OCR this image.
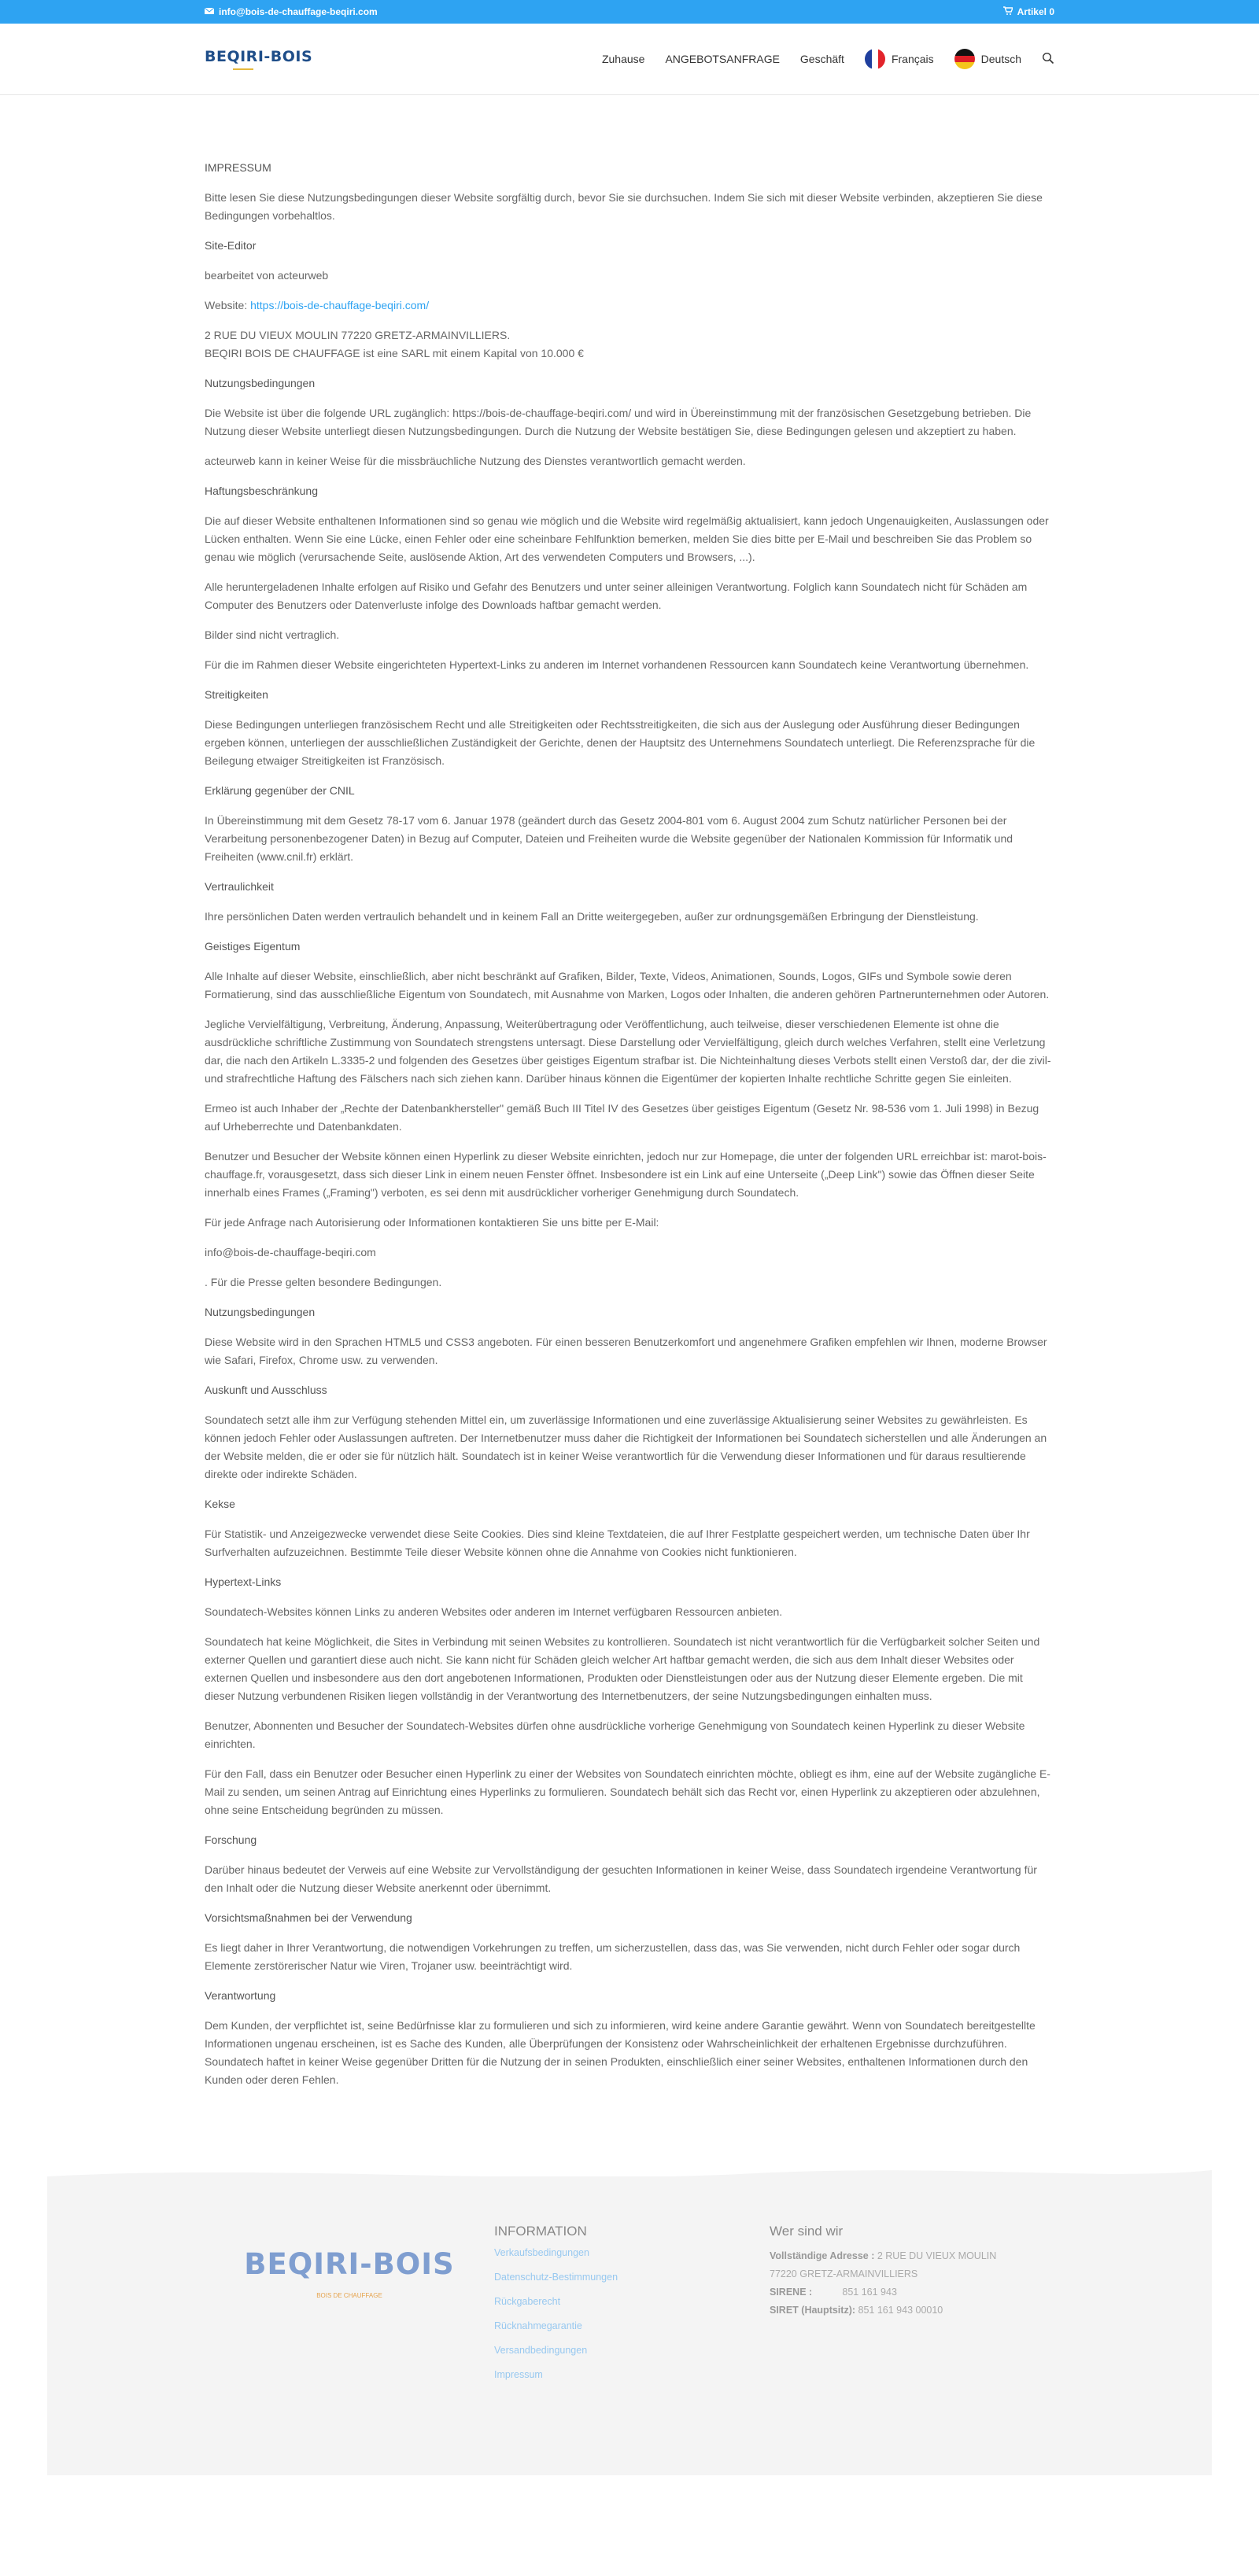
info@bois-de-chauffage-beqiri.com	Artikel 0
BEQIRI-BOIS	Zuhause ANGEBOTSANFRAGE Geschäft	Français	Deutsch

IMPRESSUM

Bitte lesen Sie diese Nutzungsbedingungen dieser Website sorgfältig durch, bevor Sie sie durchsuchen. Indem Sie sich mit dieser Website verbinden, akzeptieren Sie diese Bedingungen vorbehaltlos.

Site-Editor

bearbeitet von acteurweb

Website: https://bois-de-chauffage-beqiri.com/

2 RUE DU VIEUX MOULIN 77220 GRETZ-ARMAINVILLIERS.
BEQIRI BOIS DE CHAUFFAGE ist eine SARL mit einem Kapital von 10.000 €

Nutzungsbedingungen

Die Website ist über die folgende URL zugänglich: https://bois-de-chauffage-beqiri.com/ und wird in Übereinstimmung mit der französischen Gesetzgebung betrieben. Die Nutzung dieser Website unterliegt diesen Nutzungsbedingungen. Durch die Nutzung der Website bestätigen Sie, diese Bedingungen gelesen und akzeptiert zu haben.

acteurweb kann in keiner Weise für die missbräuchliche Nutzung des Dienstes verantwortlich gemacht werden.

Haftungsbeschränkung

Die auf dieser Website enthaltenen Informationen sind so genau wie möglich und die Website wird regelmäßig aktualisiert, kann jedoch Ungenauigkeiten, Auslassungen oder Lücken enthalten. Wenn Sie eine Lücke, einen Fehler oder eine scheinbare Fehlfunktion bemerken, melden Sie dies bitte per E-Mail und beschreiben Sie das Problem so genau wie möglich (verursachende Seite, auslösende Aktion, Art des verwendeten Computers und Browsers, ...).

Alle heruntergeladenen Inhalte erfolgen auf Risiko und Gefahr des Benutzers und unter seiner alleinigen Verantwortung. Folglich kann Soundatech nicht für Schäden am Computer des Benutzers oder Datenverluste infolge des Downloads haftbar gemacht werden.

Bilder sind nicht vertraglich.

Für die im Rahmen dieser Website eingerichteten Hypertext-Links zu anderen im Internet vorhandenen Ressourcen kann Soundatech keine Verantwortung übernehmen.

Streitigkeiten

Diese Bedingungen unterliegen französischem Recht und alle Streitigkeiten oder Rechtsstreitigkeiten, die sich aus der Auslegung oder Ausführung dieser Bedingungen ergeben können, unterliegen der ausschließlichen Zuständigkeit der Gerichte, denen der Hauptsitz des Unternehmens Soundatech unterliegt. Die Referenzsprache für die Beilegung etwaiger Streitigkeiten ist Französisch.

Erklärung gegenüber der CNIL

In Übereinstimmung mit dem Gesetz 78-17 vom 6. Januar 1978 (geändert durch das Gesetz 2004-801 vom 6. August 2004 zum Schutz natürlicher Personen bei der Verarbeitung personenbezogener Daten) in Bezug auf Computer, Dateien und Freiheiten wurde die Website gegenüber der Nationalen Kommission für Informatik und Freiheiten (www.cnil.fr) erklärt.

Vertraulichkeit

Ihre persönlichen Daten werden vertraulich behandelt und in keinem Fall an Dritte weitergegeben, außer zur ordnungsgemäßen Erbringung der Dienstleistung.

Geistiges Eigentum

Alle Inhalte auf dieser Website, einschließlich, aber nicht beschränkt auf Grafiken, Bilder, Texte, Videos, Animationen, Sounds, Logos, GIFs und Symbole sowie deren Formatierung, sind das ausschließliche Eigentum von Soundatech, mit Ausnahme von Marken, Logos oder Inhalten, die anderen gehören Partnerunternehmen oder Autoren.

Jegliche Vervielfältigung, Verbreitung, Änderung, Anpassung, Weiterübertragung oder Veröffentlichung, auch teilweise, dieser verschiedenen Elemente ist ohne die ausdrückliche schriftliche Zustimmung von Soundatech strengstens untersagt. Diese Darstellung oder Vervielfältigung, gleich durch welches Verfahren, stellt eine Verletzung dar, die nach den Artikeln L.3335-2 und folgenden des Gesetzes über geistiges Eigentum strafbar ist. Die Nichteinhaltung dieses Verbots stellt einen Verstoß dar, der die zivil- und strafrechtliche Haftung des Fälschers nach sich ziehen kann. Darüber hinaus können die Eigentümer der kopierten Inhalte rechtliche Schritte gegen Sie einleiten.

Ermeo ist auch Inhaber der „Rechte der Datenbankhersteller" gemäß Buch III Titel IV des Gesetzes über geistiges Eigentum (Gesetz Nr. 98-536 vom 1. Juli 1998) in Bezug auf Urheberrechte und Datenbankdaten.

Benutzer und Besucher der Website können einen Hyperlink zu dieser Website einrichten, jedoch nur zur Homepage, die unter der folgenden URL erreichbar ist: marot-bois-chauffage.fr, vorausgesetzt, dass sich dieser Link in einem neuen Fenster öffnet. Insbesondere ist ein Link auf eine Unterseite („Deep Link") sowie das Öffnen dieser Seite innerhalb eines Frames („Framing") verboten, es sei denn mit ausdrücklicher vorheriger Genehmigung durch Soundatech.

Für jede Anfrage nach Autorisierung oder Informationen kontaktieren Sie uns bitte per E-Mail:

info@bois-de-chauffage-beqiri.com

. Für die Presse gelten besondere Bedingungen.

Nutzungsbedingungen

Diese Website wird in den Sprachen HTML5 und CSS3 angeboten. Für einen besseren Benutzerkomfort und angenehmere Grafiken empfehlen wir Ihnen, moderne Browser wie Safari, Firefox, Chrome usw. zu verwenden.

Auskunft und Ausschluss

Soundatech setzt alle ihm zur Verfügung stehenden Mittel ein, um zuverlässige Informationen und eine zuverlässige Aktualisierung seiner Websites zu gewährleisten. Es können jedoch Fehler oder Auslassungen auftreten. Der Internetbenutzer muss daher die Richtigkeit der Informationen bei Soundatech sicherstellen und alle Änderungen an der Website melden, die er oder sie für nützlich hält. Soundatech ist in keiner Weise verantwortlich für die Verwendung dieser Informationen und für daraus resultierende direkte oder indirekte Schäden.

Kekse

Für Statistik- und Anzeigezwecke verwendet diese Seite Cookies. Dies sind kleine Textdateien, die auf Ihrer Festplatte gespeichert werden, um technische Daten über Ihr Surfverhalten aufzuzeichnen. Bestimmte Teile dieser Website können ohne die Annahme von Cookies nicht funktionieren.

Hypertext-Links

Soundatech-Websites können Links zu anderen Websites oder anderen im Internet verfügbaren Ressourcen anbieten.

Soundatech hat keine Möglichkeit, die Sites in Verbindung mit seinen Websites zu kontrollieren. Soundatech ist nicht verantwortlich für die Verfügbarkeit solcher Seiten und externer Quellen und garantiert diese auch nicht. Sie kann nicht für Schäden gleich welcher Art haftbar gemacht werden, die sich aus dem Inhalt dieser Websites oder externen Quellen und insbesondere aus den dort angebotenen Informationen, Produkten oder Dienstleistungen oder aus der Nutzung dieser Elemente ergeben. Die mit dieser Nutzung verbundenen Risiken liegen vollständig in der Verantwortung des Internetbenutzers, der seine Nutzungsbedingungen einhalten muss.

Benutzer, Abonnenten und Besucher der Soundatech-Websites dürfen ohne ausdrückliche vorherige Genehmigung von Soundatech keinen Hyperlink zu dieser Website einrichten.

Für den Fall, dass ein Benutzer oder Besucher einen Hyperlink zu einer der Websites von Soundatech einrichten möchte, obliegt es ihm, eine auf der Website zugängliche E-Mail zu senden, um seinen Antrag auf Einrichtung eines Hyperlinks zu formulieren. Soundatech behält sich das Recht vor, einen Hyperlink zu akzeptieren oder abzulehnen, ohne seine Entscheidung begründen zu müssen.

Forschung

Darüber hinaus bedeutet der Verweis auf eine Website zur Vervollständigung der gesuchten Informationen in keiner Weise, dass Soundatech irgendeine Verantwortung für den Inhalt oder die Nutzung dieser Website anerkennt oder übernimmt.

Vorsichtsmaßnahmen bei der Verwendung

Es liegt daher in Ihrer Verantwortung, die notwendigen Vorkehrungen zu treffen, um sicherzustellen, dass das, was Sie verwenden, nicht durch Fehler oder sogar durch Elemente zerstörerischer Natur wie Viren, Trojaner usw. beeinträchtigt wird.

Verantwortung

Dem Kunden, der verpflichtet ist, seine Bedürfnisse klar zu formulieren und sich zu informieren, wird keine andere Garantie gewährt. Wenn von Soundatech bereitgestellte Informationen ungenau erscheinen, ist es Sache des Kunden, alle Überprüfungen der Konsistenz oder Wahrscheinlichkeit der erhaltenen Ergebnisse durchzuführen. Soundatech haftet in keiner Weise gegenüber Dritten für die Nutzung der in seinen Produkten, einschließlich einer seiner Websites, enthaltenen Informationen durch den Kunden oder deren Fehlen.

BEQIRI-BOIS
BOIS DE CHAUFFAGE
INFORMATION
Verkaufsbedingungen
Datenschutz-Bestimmungen
Rückgaberecht
Rücknahmegarantie
Versandbedingungen
Impressum
Wer sind wir
Vollständige Adresse : 2 RUE DU VIEUX MOULIN
77220 GRETZ-ARMAINVILLIERS
SIRENE :	851 161 943
SIRET (Hauptsitz): 851 161 943 00010
